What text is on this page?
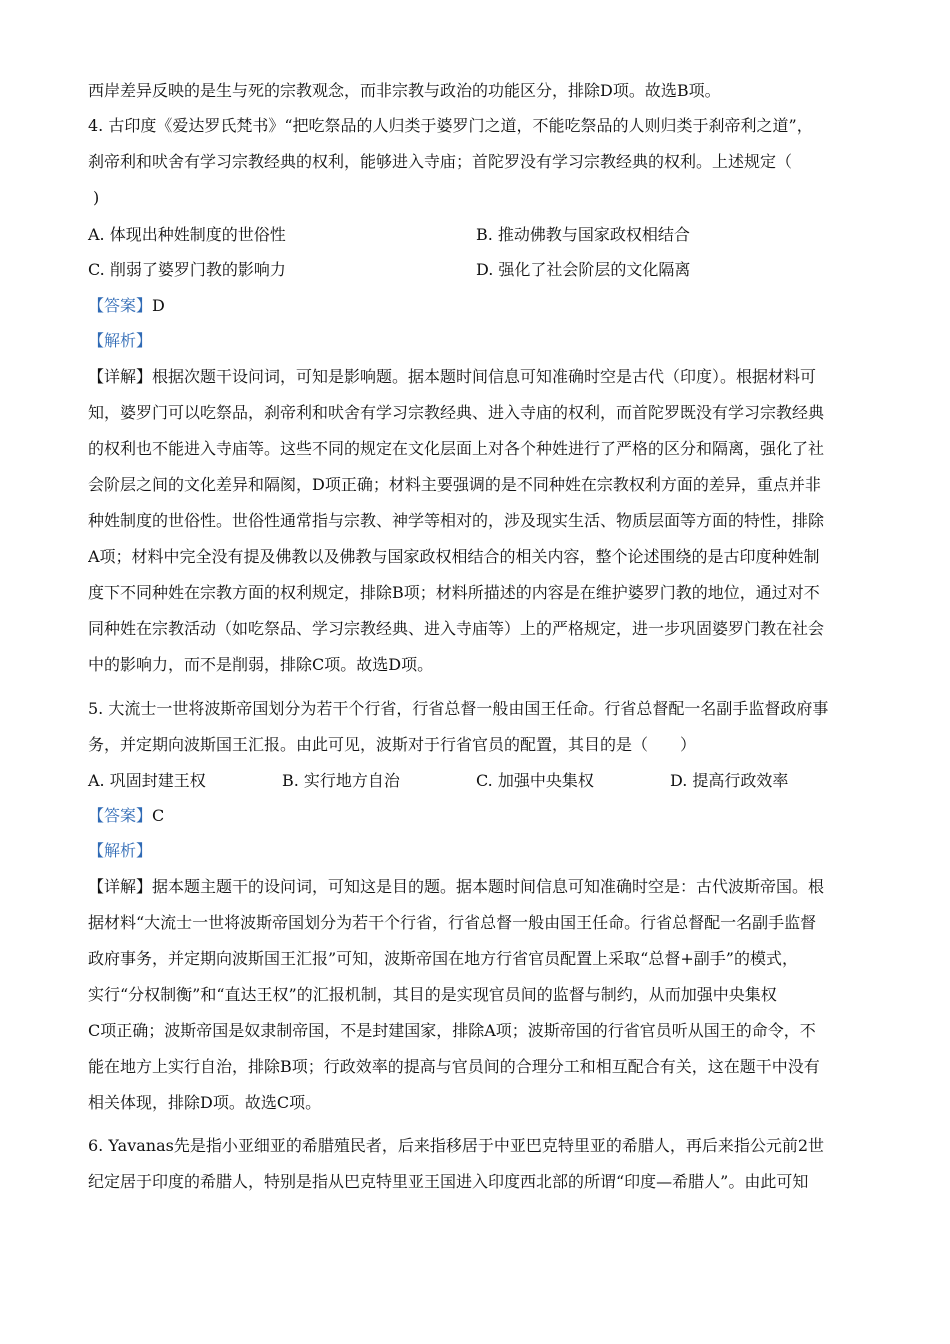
西岸差异反映的是生与死的宗教观念，而非宗教与政治的功能区分，排除D项。故选B项。

4. 古印度《爱达罗氏梵书》“把吃祭品的人归类于婆罗门之道，不能吃祭品的人则归类于刹帝利之道”，

刹帝利和吠舍有学习宗教经典的权利，能够进入寺庙；首陀罗没有学习宗教经典的权利。上述规定（

)

A. 体现出种姓制度的世俗性	B. 推动佛教与国家政权相结合

C. 削弱了婆罗门教的影响力	D. 强化了社会阶层的文化隔离

【答案】D
【解析】
【详解】根据次题干设问词，可知是影响题。据本题时间信息可知准确时空是古代（印度）。根据材料可

知，婆罗门可以吃祭品，刹帝利和吠舍有学习宗教经典、进入寺庙的权利，而首陀罗既没有学习宗教经典

的权利也不能进入寺庙等。这些不同的规定在文化层面上对各个种姓进行了严格的区分和隔离，强化了社

会阶层之间的文化差异和隔阂，D项正确；材料主要强调的是不同种姓在宗教权利方面的差异，重点并非

种姓制度的世俗性。世俗性通常指与宗教、神学等相对的，涉及现实生活、物质层面等方面的特性，排除

A项；材料中完全没有提及佛教以及佛教与国家政权相结合的相关内容，整个论述围绕的是古印度种姓制

度下不同种姓在宗教方面的权利规定，排除B项；材料所描述的内容是在维护婆罗门教的地位，通过对不

同种姓在宗教活动（如吃祭品、学习宗教经典、进入寺庙等）上的严格规定，进一步巩固婆罗门教在社会

中的影响力，而不是削弱，排除C项。故选D项。

5. 大流士一世将波斯帝国划分为若干个行省，行省总督一般由国王任命。行省总督配一名副手监督政府事

务，并定期向波斯国王汇报。由此可见，波斯对于行省官员的配置，其目的是（　　）

A. 巩固封建王权	B. 实行地方自治	C. 加强中央集权	D. 提高行政效率

【答案】C
【解析】
【详解】据本题主题干的设问词，可知这是目的题。据本题时间信息可知准确时空是：古代波斯帝国。根

据材料“大流士一世将波斯帝国划分为若干个行省，行省总督一般由国王任命。行省总督配一名副手监督

政府事务，并定期向波斯国王汇报”可知，波斯帝国在地方行省官员配置上采取“总督+副手”的模式，

实行“分权制衡”和“直达王权”的汇报机制，其目的是实现官员间的监督与制约，从而加强中央集权

C项正确；波斯帝国是奴隶制帝国，不是封建国家，排除A项；波斯帝国的行省官员听从国王的命令，不

能在地方上实行自治，排除B项；行政效率的提高与官员间的合理分工和相互配合有关，这在题干中没有

相关体现，排除D项。故选C项。

6. Yavanas先是指小亚细亚的希腊殖民者，后来指移居于中亚巴克特里亚的希腊人，再后来指公元前2世

纪定居于印度的希腊人，特别是指从巴克特里亚王国进入印度西北部的所谓“印度—希腊人”。由此可知
